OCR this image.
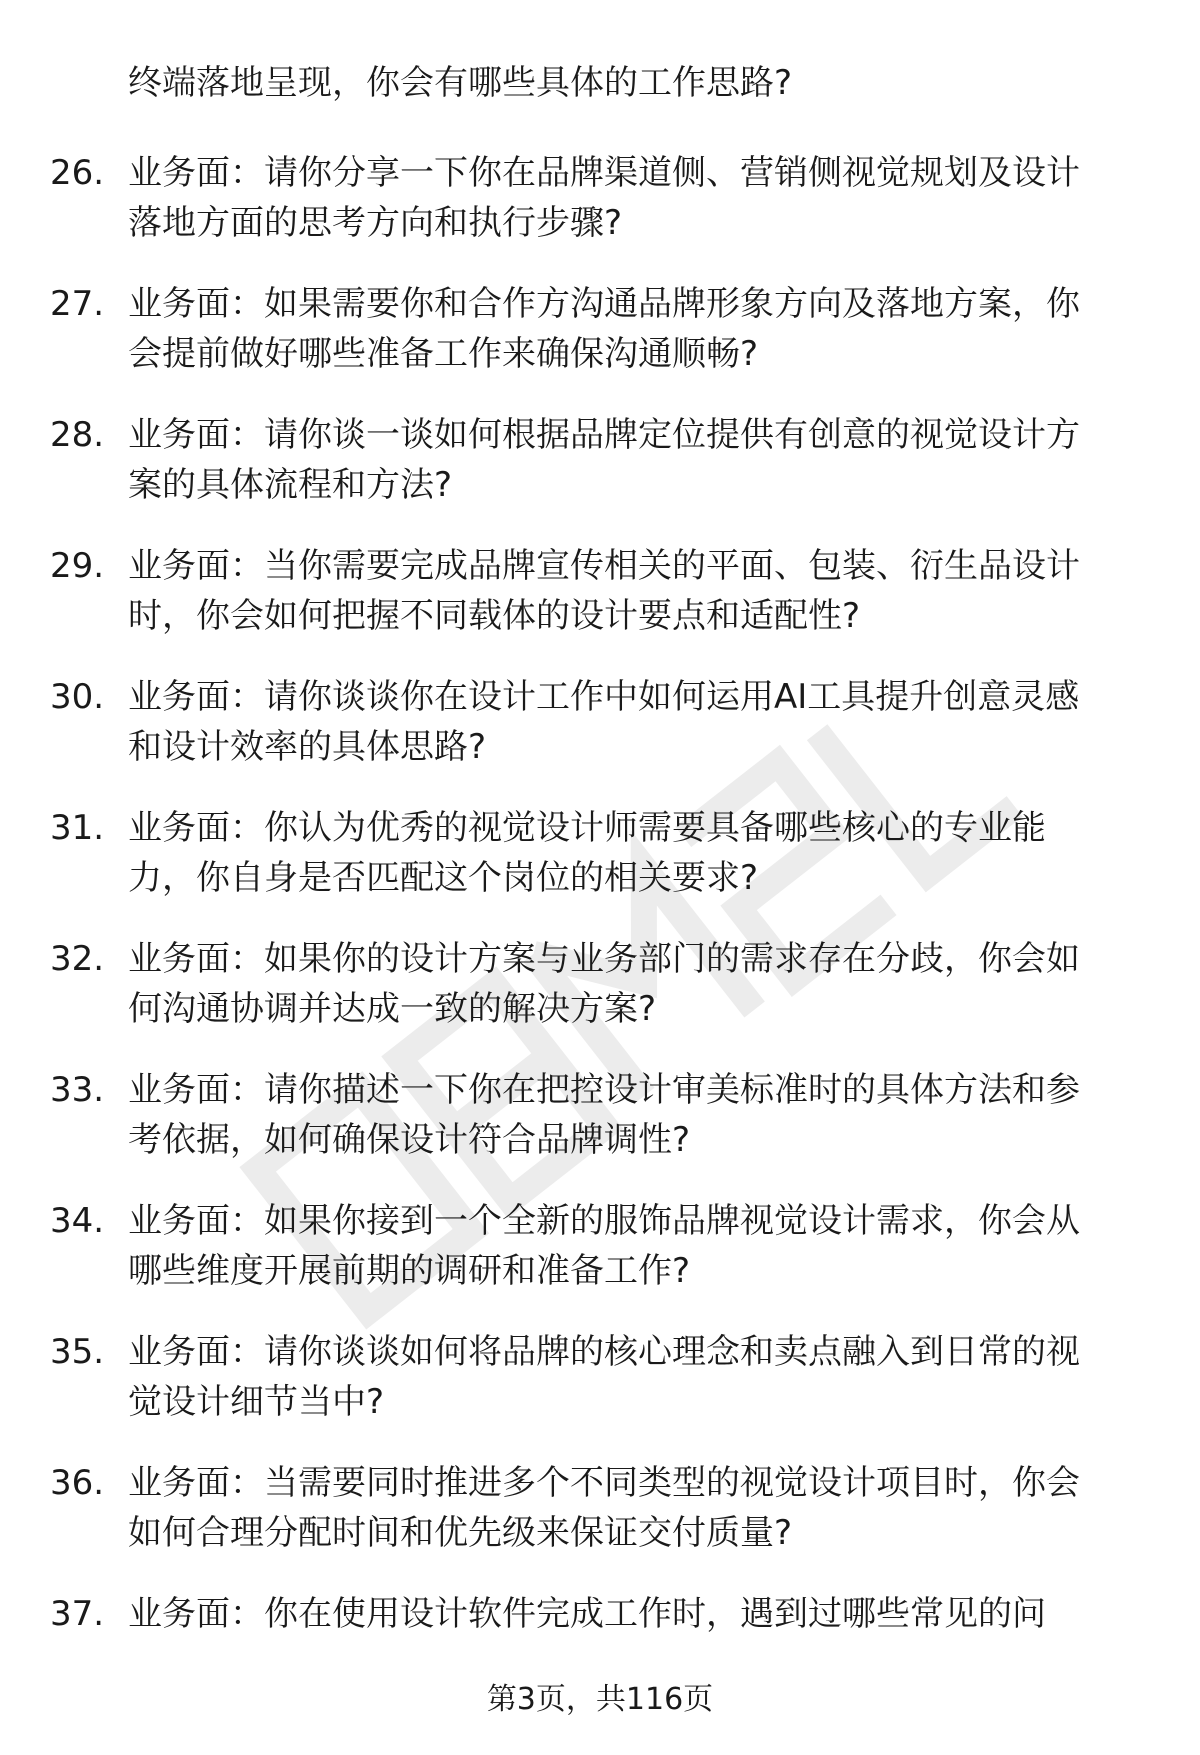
终端落地呈现，你会有哪些具体的工作思路?
26. 业务面：请你分享一下你在品牌渠道侧、营销侧视觉规划及设计
落地方面的思考方向和执行步骤?
27. 业务面：如果需要你和合作方沟通品牌形象方向及落地方案，你
会提前做好哪些准备工作来确保沟通顺畅?
28. 业务面：请你谈一谈如何根据品牌定位提供有创意的视觉设计方
案的具体流程和方法?
29. 业务面：当你需要完成品牌宣传相关的平面、包装、衍生品设计
时，你会如何把握不同载体的设计要点和适配性?
30. 业务面：请你谈谈你在设计工作中如何运用AI工具提升创意灵感
和设计效率的具体思路?
31. 业务面：你认为优秀的视觉设计师需要具备哪些核心的专业能
力，你自身是否匹配这个岗位的相关要求?
32. 业务面：如果你的设计方案与业务部门的需求存在分歧，你会如
何沟通协调并达成一致的解决方案?
33. 业务面：请你描述一下你在把控设计审美标准时的具体方法和参
考依据，如何确保设计符合品牌调性?
34. 业务面：如果你接到一个全新的服饰品牌视觉设计需求，你会从
哪些维度开展前期的调研和准备工作?
35. 业务面：请你谈谈如何将品牌的核心理念和卖点融入到日常的视
觉设计细节当中?
36. 业务面：当需要同时推进多个不同类型的视觉设计项目时，你会
如何合理分配时间和优先级来保证交付质量?
37. 业务面：你在使用设计软件完成工作时，遇到过哪些常见的问
第3页，共116页
